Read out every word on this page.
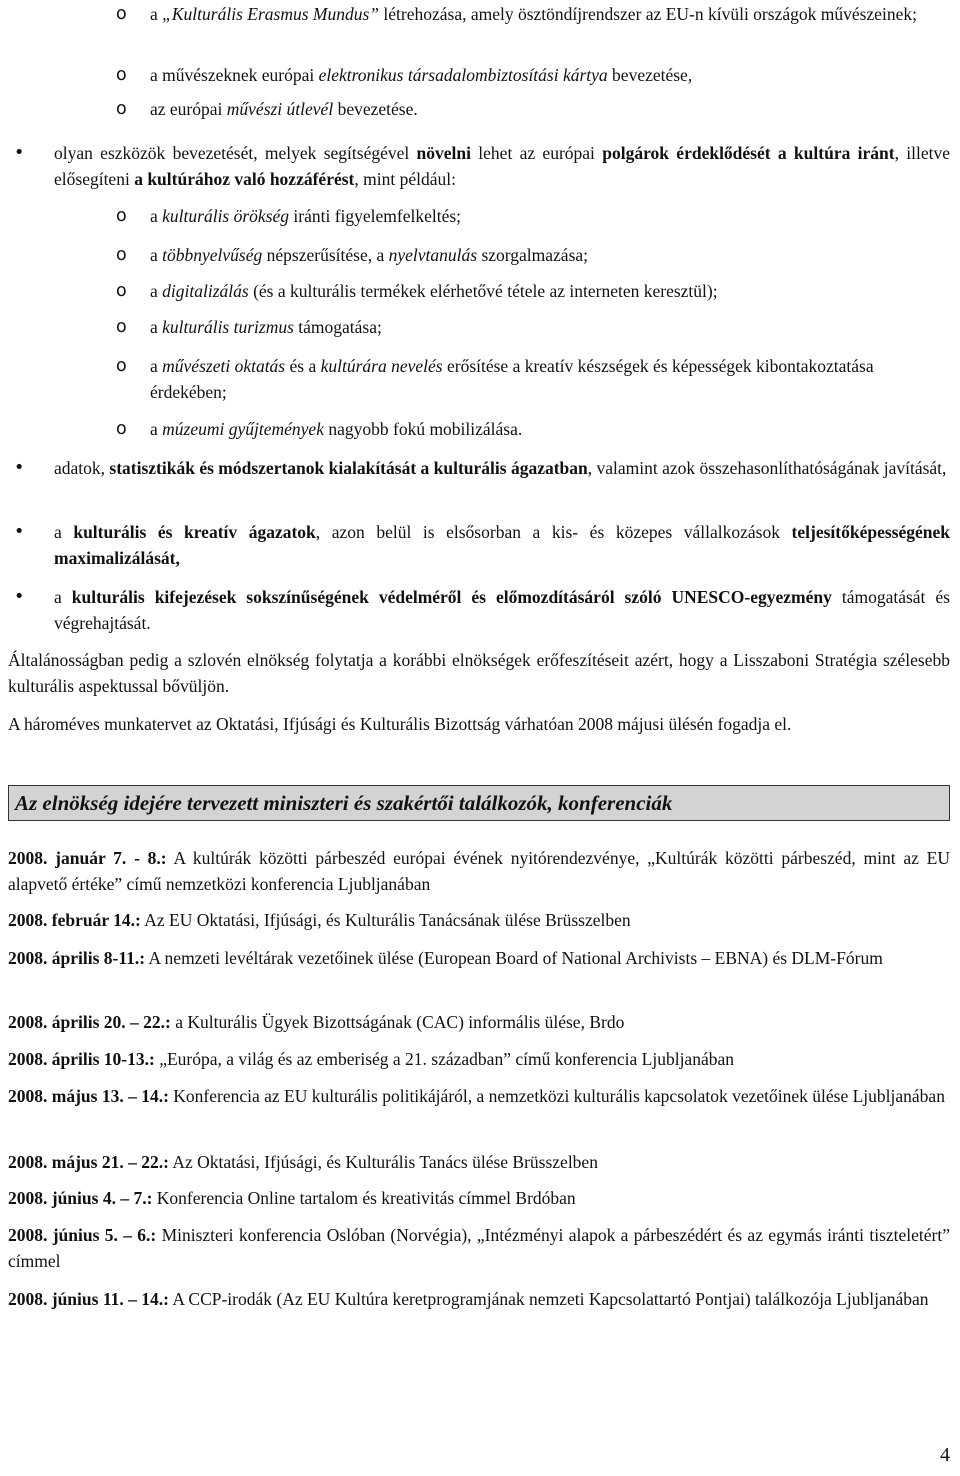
o a „Kulturális Erasmus Mundus” létrehozása, amely ösztöndíjrendszer az EU-n kívüli országok művészeinek;

o a művészeknek európai elektronikus társadalombiztosítási kártya bevezetése,

o az európai művészi útlevél bevezetése.

• olyan eszközök bevezetését, melyek segítségével növelni lehet az európai polgárok érdeklődését a kultúra iránt, illetve elősegíteni a kultúrához való hozzáférést, mint például:

o a kulturális örökség iránti figyelemfelkeltés;

o a többnyelvűség népszerűsítése, a nyelvtanulás szorgalmazása;

o a digitalizálás (és a kulturális termékek elérhetővé tétele az interneten keresztül);

o a kulturális turizmus támogatása;

o a művészeti oktatás és a kultúrára nevelés erősítése a kreatív készségek és képességek kibontakoztatása érdekében;

o a múzeumi gyűjtemények nagyobb fokú mobilizálása.

• adatok, statisztikák és módszertanok kialakítását a kulturális ágazatban, valamint azok összehasonlíthatóságának javítását,

• a kulturális és kreatív ágazatok, azon belül is elsősorban a kis- és közepes vállalkozások teljesítőképességének maximalizálását,

• a kulturális kifejezések sokszínűségének védelméről és előmozdításáról szóló UNESCO-egyezmény támogatását és végrehajtását.

Általánosságban pedig a szlovén elnökség folytatja a korábbi elnökségek erőfeszítéseit azért, hogy a Lisszaboni Stratégia szélesebb kulturális aspektussal bővüljön.

A hároméves munkatervet az Oktatási, Ifjúsági és Kulturális Bizottság várhatóan 2008 májusi ülésén fogadja el.

Az elnökség idejére tervezett miniszteri és szakértői találkozók, konferenciák

2008. január 7. - 8.: A kultúrák közötti párbeszéd európai évének nyitórendezvénye, „Kultúrák közötti párbeszéd, mint az EU alapvető értéke” című nemzetközi konferencia Ljubljanában

2008. február 14.: Az EU Oktatási, Ifjúsági, és Kulturális Tanácsának ülése Brüsszelben

2008. április 8-11.: A nemzeti levéltárak vezetőinek ülése (European Board of National Archivists – EBNA) és DLM-Fórum

2008. április 20. – 22.: a Kulturális Ügyek Bizottságának (CAC) informális ülése, Brdo

2008. április 10-13.: „Európa, a világ és az emberiség a 21. században” című konferencia Ljubljanában

2008. május 13. – 14.: Konferencia az EU kulturális politikájáról, a nemzetközi kulturális kapcsolatok vezetőinek ülése Ljubljanában

2008. május 21. – 22.: Az Oktatási, Ifjúsági, és Kulturális Tanács ülése Brüsszelben

2008. június 4. – 7.: Konferencia Online tartalom és kreativitás címmel Brdóban

2008. június 5. – 6.: Miniszteri konferencia Oslóban (Norvégia), „Intézményi alapok a párbeszédért és az egymás iránti tiszteletért” címmel

2008. június 11. – 14.: A CCP-irodák (Az EU Kultúra keretprogramjának nemzeti Kapcsolattartó Pontjai) találkozója Ljubljanában

4
